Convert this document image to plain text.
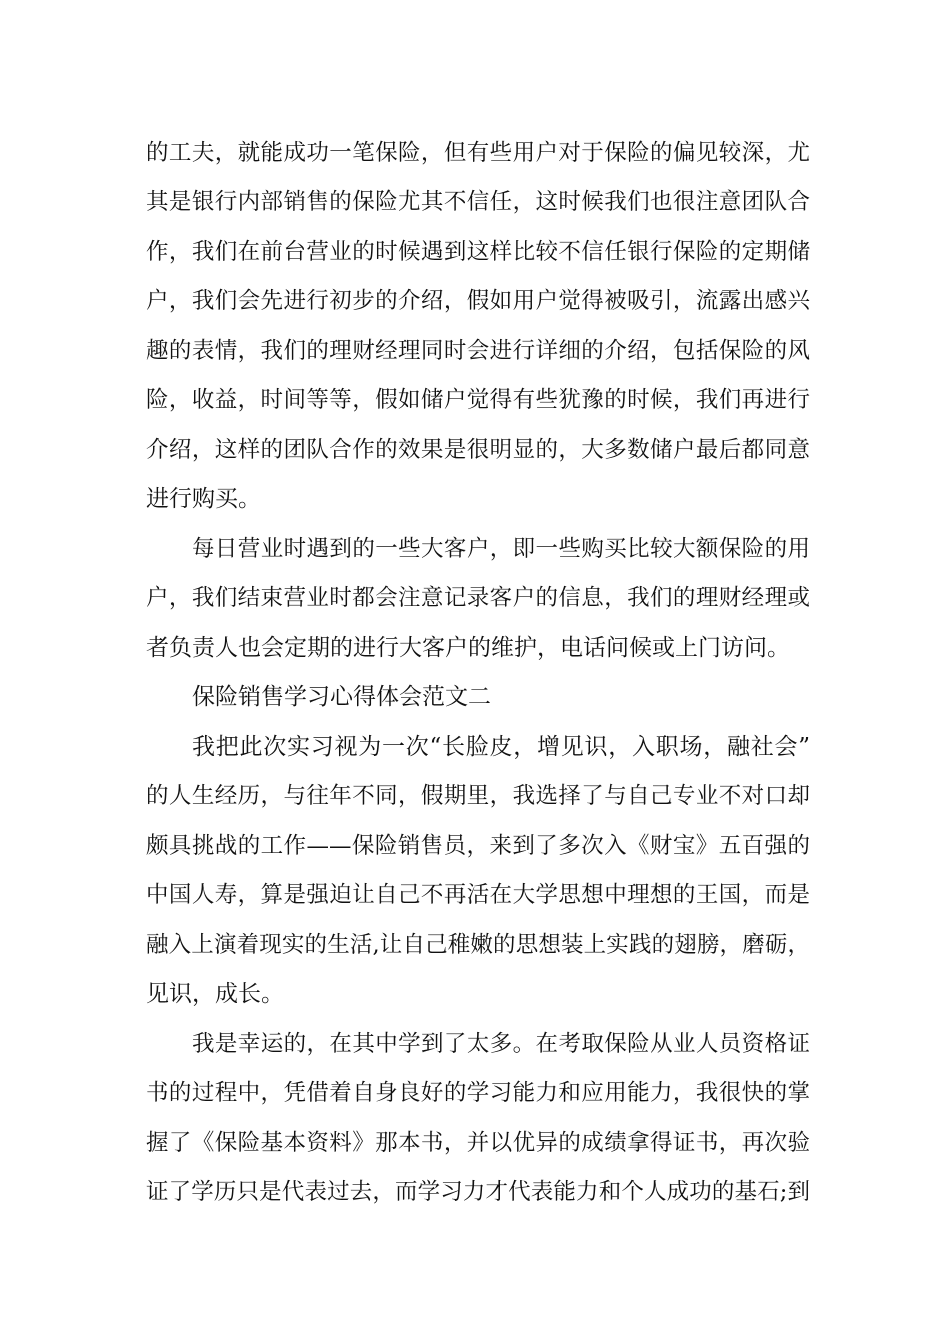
的工夫，就能成功一笔保险，但有些用户对于保险的偏见较深，尤
其是银行内部销售的保险尤其不信任，这时候我们也很注意团队合
作，我们在前台营业的时候遇到这样比较不信任银行保险的定期储
户，我们会先进行初步的介绍，假如用户觉得被吸引，流露出感兴
趣的表情，我们的理财经理同时会进行详细的介绍，包括保险的风
险，收益，时间等等，假如储户觉得有些犹豫的时候，我们再进行
介绍，这样的团队合作的效果是很明显的，大多数储户最后都同意
进行购买。
每日营业时遇到的一些大客户，即一些购买比较大额保险的用
户，我们结束营业时都会注意记录客户的信息，我们的理财经理或
者负责人也会定期的进行大客户的维护，电话问候或上门访问。
保险销售学习心得体会范文二
我把此次实习视为一次“长脸皮，增见识，入职场，融社会”
的人生经历，与往年不同，假期里，我选择了与自己专业不对口却
颇具挑战的工作——保险销售员，来到了多次入《财宝》五百强的
中国人寿，算是强迫让自己不再活在大学思想中理想的王国，而是
融入上演着现实的生活,让自己稚嫩的思想装上实践的翅膀，磨砺，
见识，成长。
我是幸运的，在其中学到了太多。在考取保险从业人员资格证
书的过程中，凭借着自身良好的学习能力和应用能力，我很快的掌
握了《保险基本资料》那本书，并以优异的成绩拿得证书，再次验
证了学历只是代表过去，而学习力才代表能力和个人成功的基石;到
